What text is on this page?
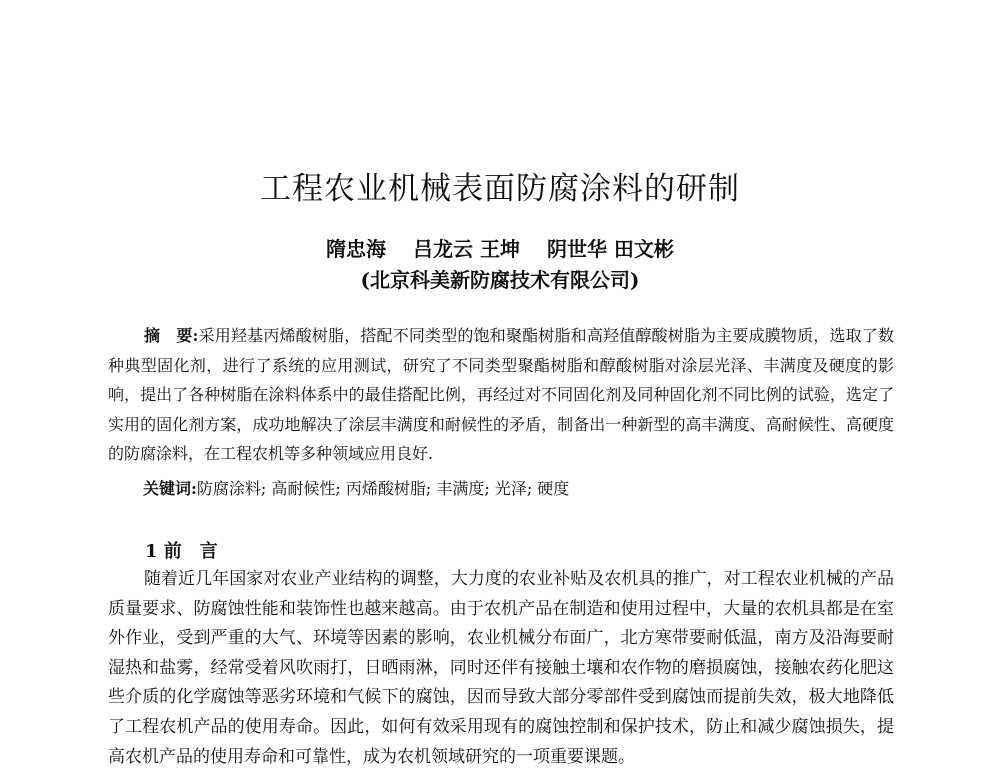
工程农业机械表面防腐涂料的研制
隋忠海　 吕龙云 王坤　 阴世华 田文彬
(北京科美新防腐技术有限公司)

摘　要:采用羟基丙烯酸树脂，搭配不同类型的饱和聚酯树脂和高羟值醇酸树脂为主要成膜物质，选取了数种典型固化剂，进行了系统的应用测试，研究了不同类型聚酯树脂和醇酸树脂对涂层光泽、丰满度及硬度的影响，提出了各种树脂在涂料体系中的最佳搭配比例，再经过对不同固化剂及同种固化剂不同比例的试验，选定了实用的固化剂方案，成功地解决了涂层丰满度和耐候性的矛盾，制备出一种新型的高丰满度、高耐候性、高硬度的防腐涂料，在工程农机等多种领域应用良好.

关键词:防腐涂料; 高耐候性; 丙烯酸树脂; 丰满度; 光泽; 硬度

1 前　言

随着近几年国家对农业产业结构的调整，大力度的农业补贴及农机具的推广，对工程农业机械的产品质量要求、防腐蚀性能和装饰性也越来越高。由于农机产品在制造和使用过程中，大量的农机具都是在室外作业，受到严重的大气、环境等因素的影响，农业机械分布面广，北方寒带要耐低温，南方及沿海要耐湿热和盐雾，经常受着风吹雨打，日晒雨淋，同时还伴有接触土壤和农作物的磨损腐蚀，接触农药化肥这些介质的化学腐蚀等恶劣环境和气候下的腐蚀，因而导致大部分零部件受到腐蚀而提前失效，极大地降低了工程农机产品的使用寿命。因此，如何有效采用现有的腐蚀控制和保护技术，防止和减少腐蚀损失，提高农机产品的使用寿命和可靠性，成为农机领域研究的一项重要课题。
